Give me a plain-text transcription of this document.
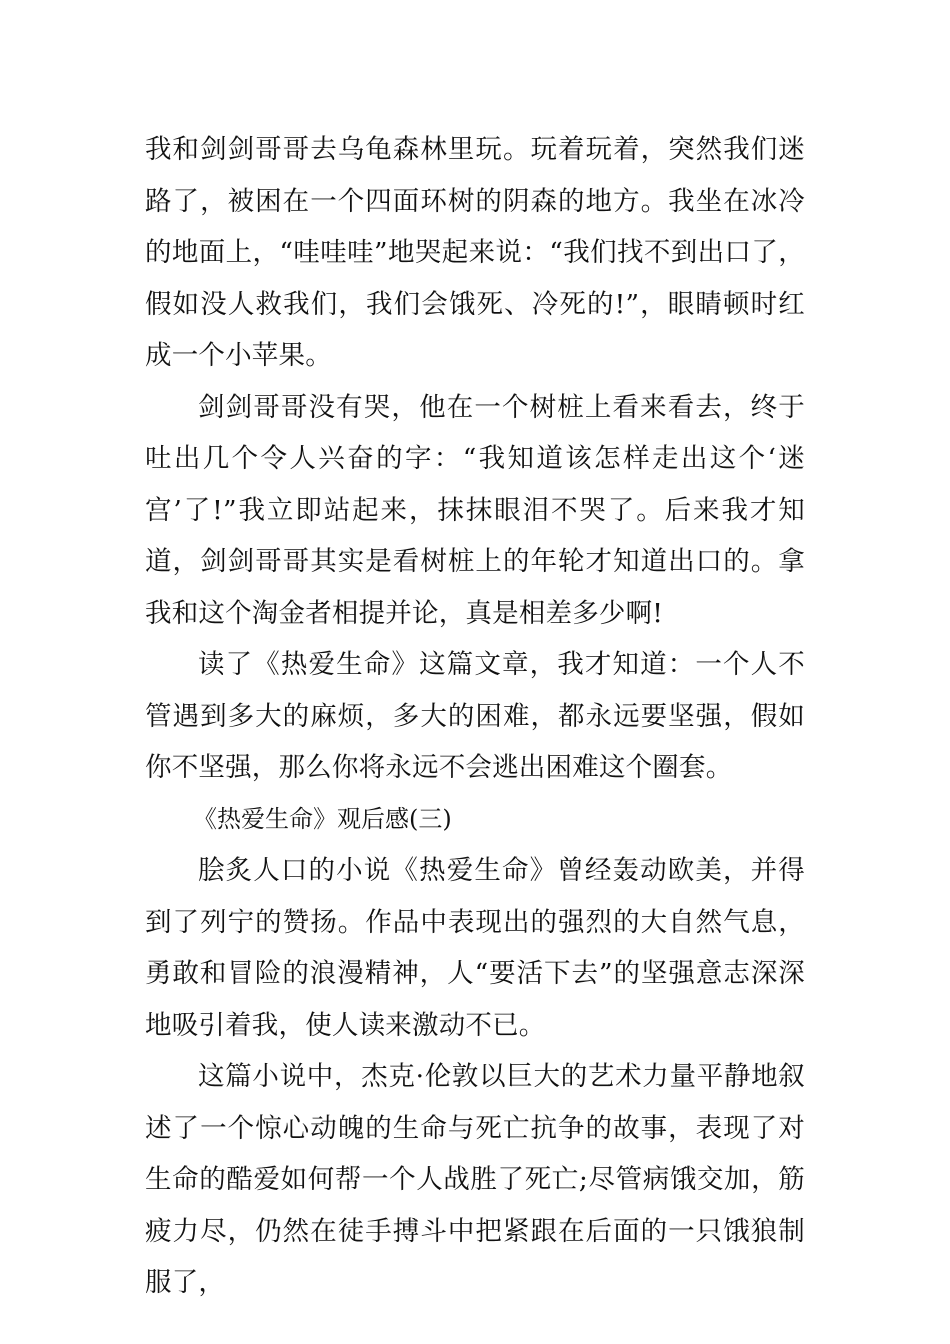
我和剑剑哥哥去乌龟森林里玩。玩着玩着，突然我们迷路了，被困在一个四面环树的阴森的地方。我坐在冰冷的地面上，“哇哇哇”地哭起来说：“我们找不到出口了，假如没人救我们，我们会饿死、冷死的!”，眼睛顿时红成一个小苹果。

剑剑哥哥没有哭，他在一个树桩上看来看去，终于吐出几个令人兴奋的字：“我知道该怎样走出这个‘迷宫’了!”我立即站起来，抹抹眼泪不哭了。后来我才知道，剑剑哥哥其实是看树桩上的年轮才知道出口的。拿我和这个淘金者相提并论，真是相差多少啊!

读了《热爱生命》这篇文章，我才知道：一个人不管遇到多大的麻烦，多大的困难，都永远要坚强，假如你不坚强，那么你将永远不会逃出困难这个圈套。

《热爱生命》观后感(三)

脍炙人口的小说《热爱生命》曾经轰动欧美，并得到了列宁的赞扬。作品中表现出的强烈的大自然气息，勇敢和冒险的浪漫精神，人“要活下去”的坚强意志深深地吸引着我，使人读来激动不已。

这篇小说中，杰克·伦敦以巨大的艺术力量平静地叙述了一个惊心动魄的生命与死亡抗争的故事，表现了对生命的酷爱如何帮一个人战胜了死亡;尽管病饿交加，筋疲力尽，仍然在徒手搏斗中把紧跟在后面的一只饿狼制服了，
